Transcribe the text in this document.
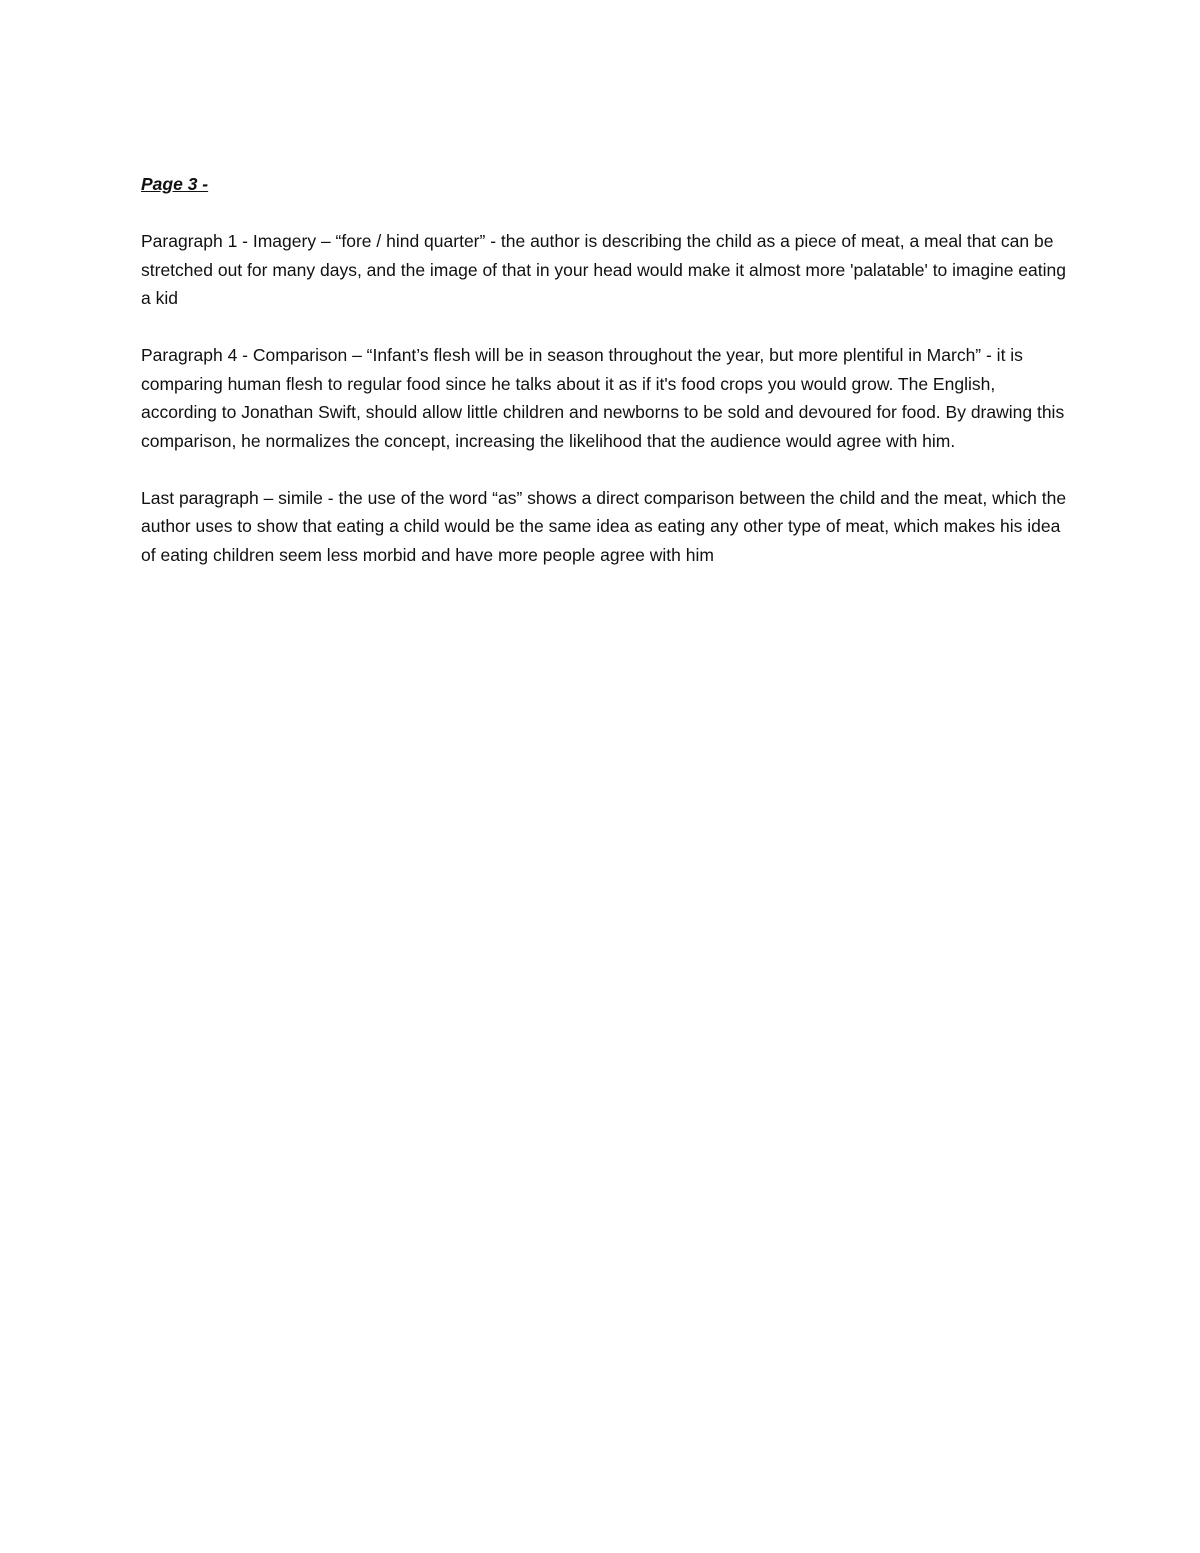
Page 3 -

Paragraph 1 - Imagery – “fore / hind quarter” - the author is describing the child as a piece of meat, a meal that can be stretched out for many days, and the image of that in your head would make it almost more 'palatable' to imagine eating a kid

Paragraph 4 - Comparison – “Infant’s flesh will be in season throughout the year, but more plentiful in March” - it is comparing human flesh to regular food since he talks about it as if it's food crops you would grow. The English, according to Jonathan Swift, should allow little children and newborns to be sold and devoured for food. By drawing this comparison, he normalizes the concept, increasing the likelihood that the audience would agree with him.

Last paragraph – simile - the use of the word “as” shows a direct comparison between the child and the meat, which the author uses to show that eating a child would be the same idea as eating any other type of meat, which makes his idea of eating children seem less morbid and have more people agree with him
